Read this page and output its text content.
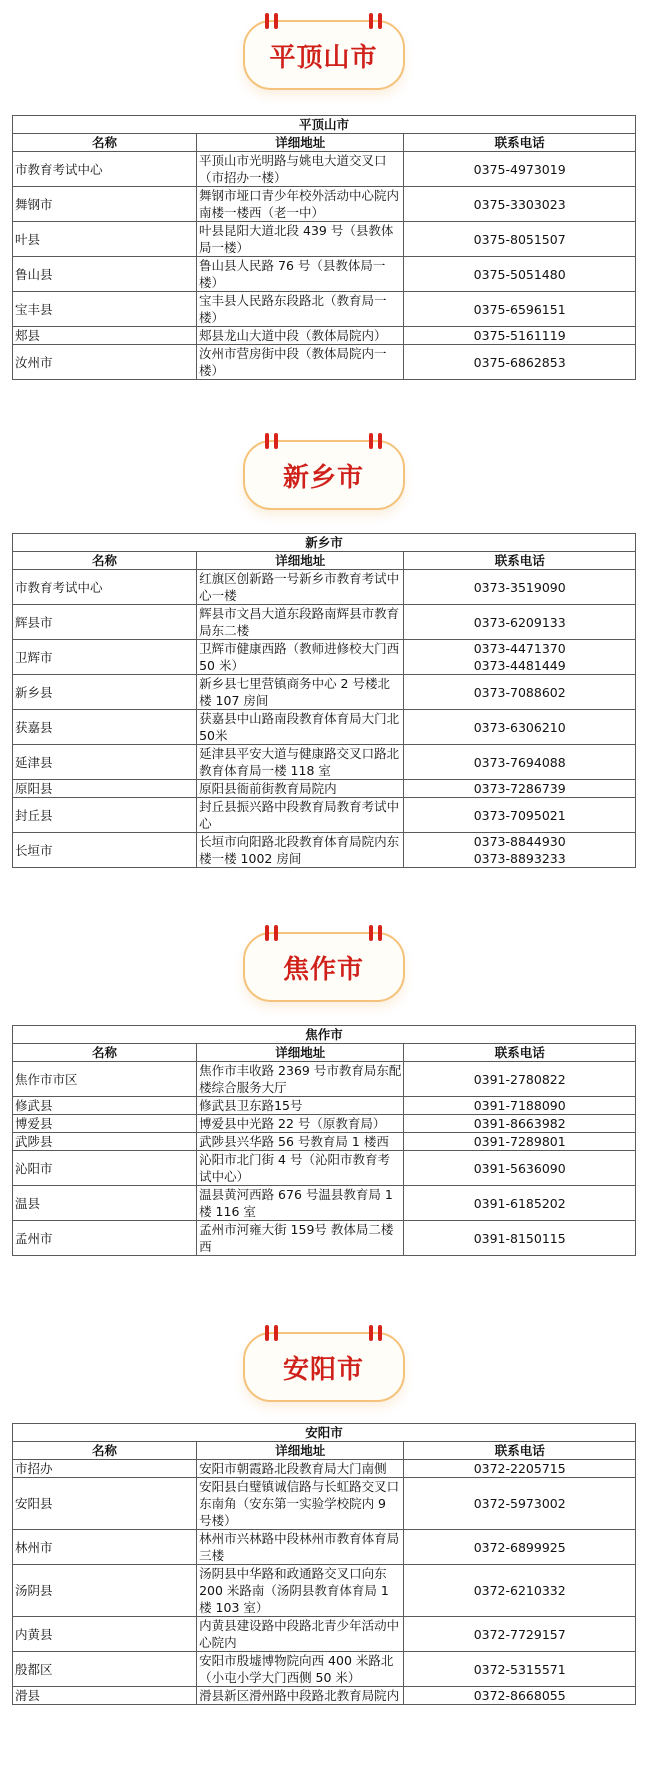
平顶山市
平顶山市		
名称	详细地址	联系电话
市教育考试中心	平顶山市光明路与姚电大道交叉口（市招办一楼）	0375-4973019

舞钢市	舞钢市垭口青少年校外活动中心院内南楼一楼西（老一中）	0375-3303023

叶县	叶县昆阳大道北段 439 号（县教体局一楼）	0375-8051507

鲁山县	鲁山县人民路 76 号（县教体局一楼）	0375-5051480

宝丰县	宝丰县人民路东段路北（教育局一楼）	0375-6596151

郏县	郏县龙山大道中段（教体局院内）	0375-5161119

汝州市	汝州市营房街中段（教体局院内一楼）	0375-6862853
新乡市
新乡市		
名称	详细地址	联系电话
市教育考试中心	红旗区创新路一号新乡市教育考试中心一楼	0373-3519090

辉县市	辉县市文昌大道东段路南辉县市教育局东二楼	0373-6209133

卫辉市	卫辉市健康西路（教师进修校大门西 50 米）	0373-4471370
0373-4481449

新乡县	新乡县七里营镇商务中心 2 号楼北楼 107 房间	0373-7088602

获嘉县	获嘉县中山路南段教育体育局大门北50米	0373-6306210

延津县	延津县平安大道与健康路交叉口路北教育体育局一楼 118 室	0373-7694088

原阳县	原阳县衙前街教育局院内	0373-7286739

封丘县	封丘县振兴路中段教育局教育考试中心	0373-7095021

长垣市	长垣市向阳路北段教育体育局院内东楼一楼 1002 房间	0373-8844930
0373-8893233
焦作市
焦作市		
名称	详细地址	联系电话
焦作市市区	焦作市丰收路 2369 号市教育局东配楼综合服务大厅	0391-2780822

修武县	修武县卫东路15号	0391-7188090

博爱县	博爱县中光路 22 号（原教育局）	0391-8663982

武陟县	武陟县兴华路 56 号教育局 1 楼西	0391-7289801

沁阳市	沁阳市北门街 4 号（沁阳市教育考试中心）	0391-5636090

温县	温县黄河西路 676 号温县教育局 1 楼 116 室	0391-6185202

孟州市	孟州市河雍大街 159号 教体局二楼西	0391-8150115
安阳市
安阳市		
名称	详细地址	联系电话
市招办	安阳市朝霞路北段教育局大门南侧	0372-2205715

安阳县	安阳县白璧镇诚信路与长虹路交叉口东南角（安东第一实验学校院内 9 号楼）	0372-5973002

林州市	林州市兴林路中段林州市教育体育局三楼	0372-6899925

汤阴县	汤阴县中华路和政通路交叉口向东 200 米路南（汤阴县教育体育局 1 楼 103 室）	0372-6210332

内黄县	内黄县建设路中段路北青少年活动中心院内	0372-7729157

殷都区	安阳市殷墟博物院向西 400 米路北（小屯小学大门西侧 50 米）	0372-5315571

滑县	滑县新区滑州路中段路北教育局院内	0372-8668055
